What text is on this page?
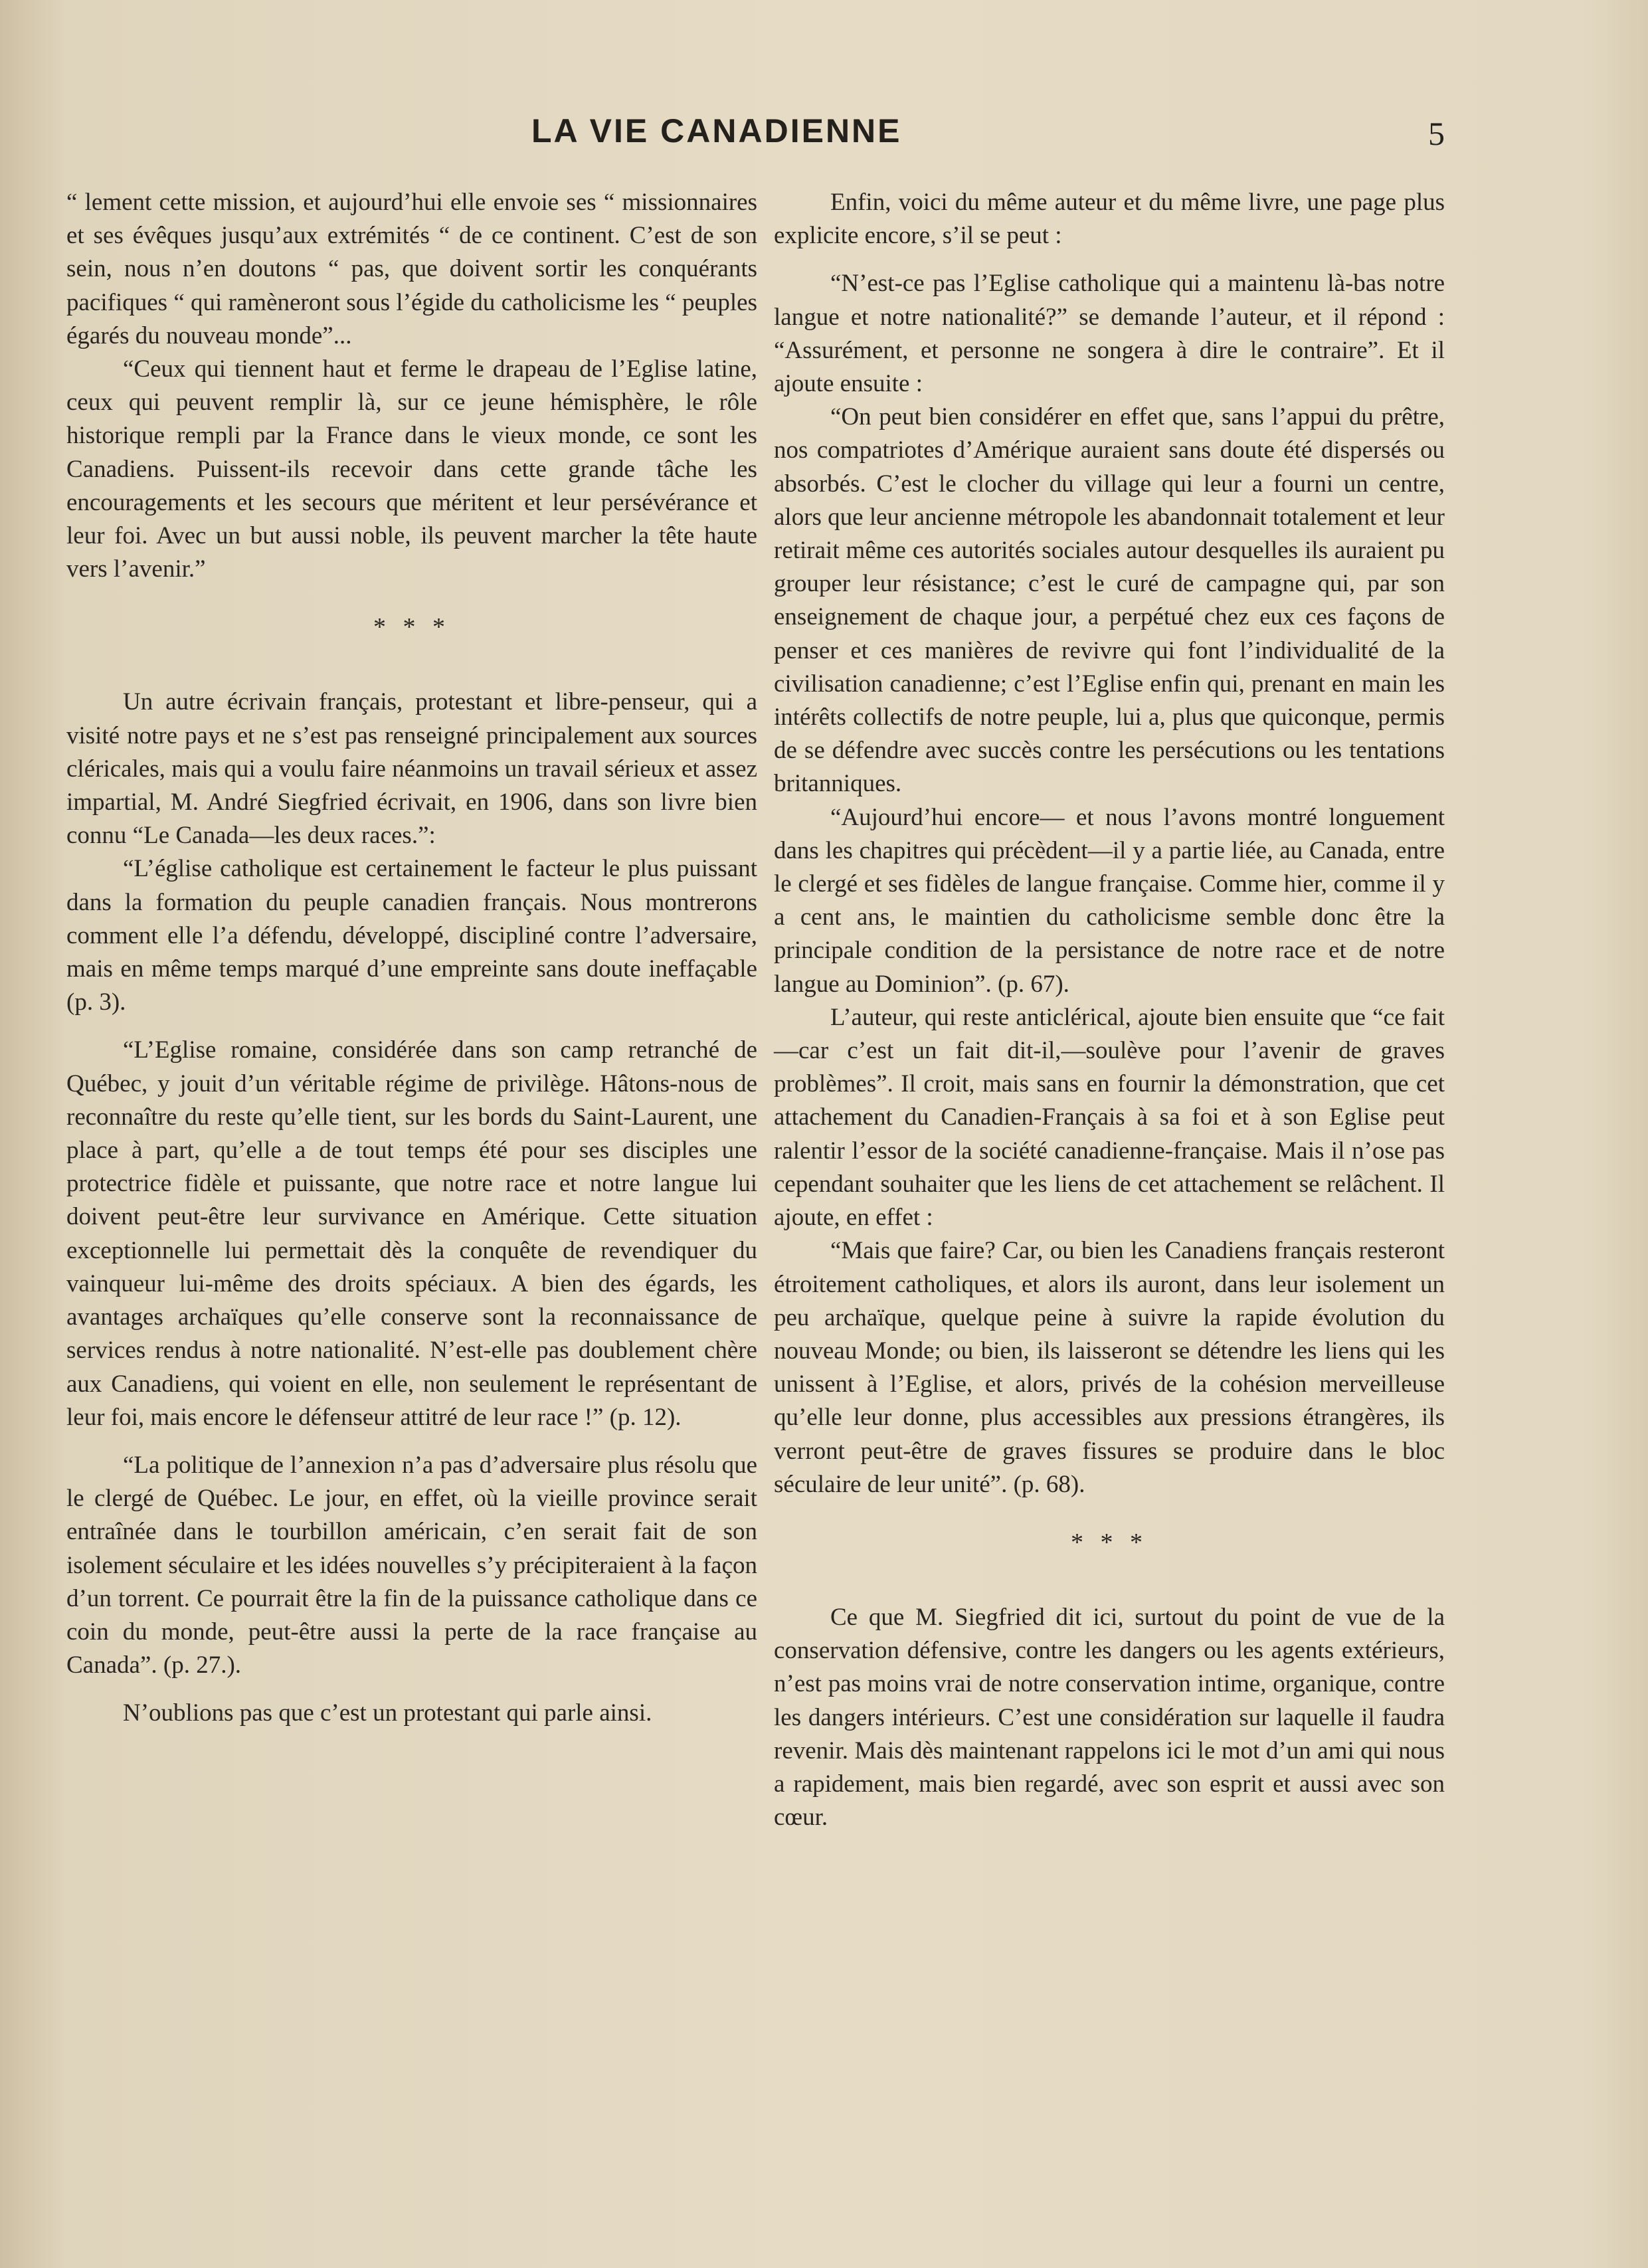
LA VIE CANADIENNE	5

“ lement cette mission, et aujourd’hui elle envoie ses “ missionnaires et ses évêques jusqu’aux extrémités “ de ce continent. C’est de son sein, nous n’en doutons “ pas, que doivent sortir les conquérants pacifiques “ qui ramèneront sous l’égide du catholicisme les “ peuples égarés du nouveau monde”...

“Ceux qui tiennent haut et ferme le drapeau de l’Eglise latine, ceux qui peuvent remplir là, sur ce jeune hémisphère, le rôle historique rempli par la France dans le vieux monde, ce sont les Canadiens. Puissent-ils recevoir dans cette grande tâche les encouragements et les secours que méritent et leur persévérance et leur foi. Avec un but aussi noble, ils peuvent marcher la tête haute vers l’avenir.”

* * *

Un autre écrivain français, protestant et libre-penseur, qui a visité notre pays et ne s’est pas renseigné principalement aux sources cléricales, mais qui a voulu faire néanmoins un travail sérieux et assez impartial, M. André Siegfried écrivait, en 1906, dans son livre bien connu “Le Canada—les deux races.”:

“L’église catholique est certainement le facteur le plus puissant dans la formation du peuple canadien français. Nous montrerons comment elle l’a défendu, développé, discipliné contre l’adversaire, mais en même temps marqué d’une empreinte sans doute ineffaçable (p. 3).

“L’Eglise romaine, considérée dans son camp retranché de Québec, y jouit d’un véritable régime de privilège. Hâtons-nous de reconnaître du reste qu’elle tient, sur les bords du Saint-Laurent, une place à part, qu’elle a de tout temps été pour ses disciples une protectrice fidèle et puissante, que notre race et notre langue lui doivent peut-être leur survivance en Amérique. Cette situation exceptionnelle lui permettait dès la conquête de revendiquer du vainqueur lui-même des droits spéciaux. A bien des égards, les avantages archaïques qu’elle conserve sont la reconnaissance de services rendus à notre nationalité. N’est-elle pas doublement chère aux Canadiens, qui voient en elle, non seulement le représentant de leur foi, mais encore le défenseur attitré de leur race !” (p. 12).

“La politique de l’annexion n’a pas d’adversaire plus résolu que le clergé de Québec. Le jour, en effet, où la vieille province serait entraînée dans le tourbillon américain, c’en serait fait de son isolement séculaire et les idées nouvelles s’y précipiteraient à la façon d’un torrent. Ce pourrait être la fin de la puissance catholique dans ce coin du monde, peut-être aussi la perte de la race française au Canada”. (p. 27.).

N’oublions pas que c’est un protestant qui parle ainsi.

Enfin, voici du même auteur et du même livre, une page plus explicite encore, s’il se peut :

“N’est-ce pas l’Eglise catholique qui a maintenu là-bas notre langue et notre nationalité?” se demande l’auteur, et il répond : “Assurément, et personne ne songera à dire le contraire”. Et il ajoute ensuite :

“On peut bien considérer en effet que, sans l’appui du prêtre, nos compatriotes d’Amérique auraient sans doute été dispersés ou absorbés. C’est le clocher du village qui leur a fourni un centre, alors que leur ancienne métropole les abandonnait totalement et leur retirait même ces autorités sociales autour desquelles ils auraient pu grouper leur résistance; c’est le curé de campagne qui, par son enseignement de chaque jour, a perpétué chez eux ces façons de penser et ces manières de revivre qui font l’individualité de la civilisation canadienne; c’est l’Eglise enfin qui, prenant en main les intérêts collectifs de notre peuple, lui a, plus que quiconque, permis de se défendre avec succès contre les persécutions ou les tentations britanniques.

“Aujourd’hui encore— et nous l’avons montré longuement dans les chapitres qui précèdent—il y a partie liée, au Canada, entre le clergé et ses fidèles de langue française. Comme hier, comme il y a cent ans, le maintien du catholicisme semble donc être la principale condition de la persistance de notre race et de notre langue au Dominion”. (p. 67).

L’auteur, qui reste anticlérical, ajoute bien ensuite que “ce fait—car c’est un fait dit-il,—soulève pour l’avenir de graves problèmes”. Il croit, mais sans en fournir la démonstration, que cet attachement du Canadien-Français à sa foi et à son Eglise peut ralentir l’essor de la société canadienne-française. Mais il n’ose pas cependant souhaiter que les liens de cet attachement se relâchent. Il ajoute, en effet :

“Mais que faire? Car, ou bien les Canadiens français resteront étroitement catholiques, et alors ils auront, dans leur isolement un peu archaïque, quelque peine à suivre la rapide évolution du nouveau Monde; ou bien, ils laisseront se détendre les liens qui les unissent à l’Eglise, et alors, privés de la cohésion merveilleuse qu’elle leur donne, plus accessibles aux pressions étrangères, ils verront peut-être de graves fissures se produire dans le bloc séculaire de leur unité”. (p. 68).

* * *

Ce que M. Siegfried dit ici, surtout du point de vue de la conservation défensive, contre les dangers ou les agents extérieurs, n’est pas moins vrai de notre conservation intime, organique, contre les dangers intérieurs. C’est une considération sur laquelle il faudra revenir. Mais dès maintenant rappelons ici le mot d’un ami qui nous a rapidement, mais bien regardé, avec son esprit et aussi avec son cœur.
